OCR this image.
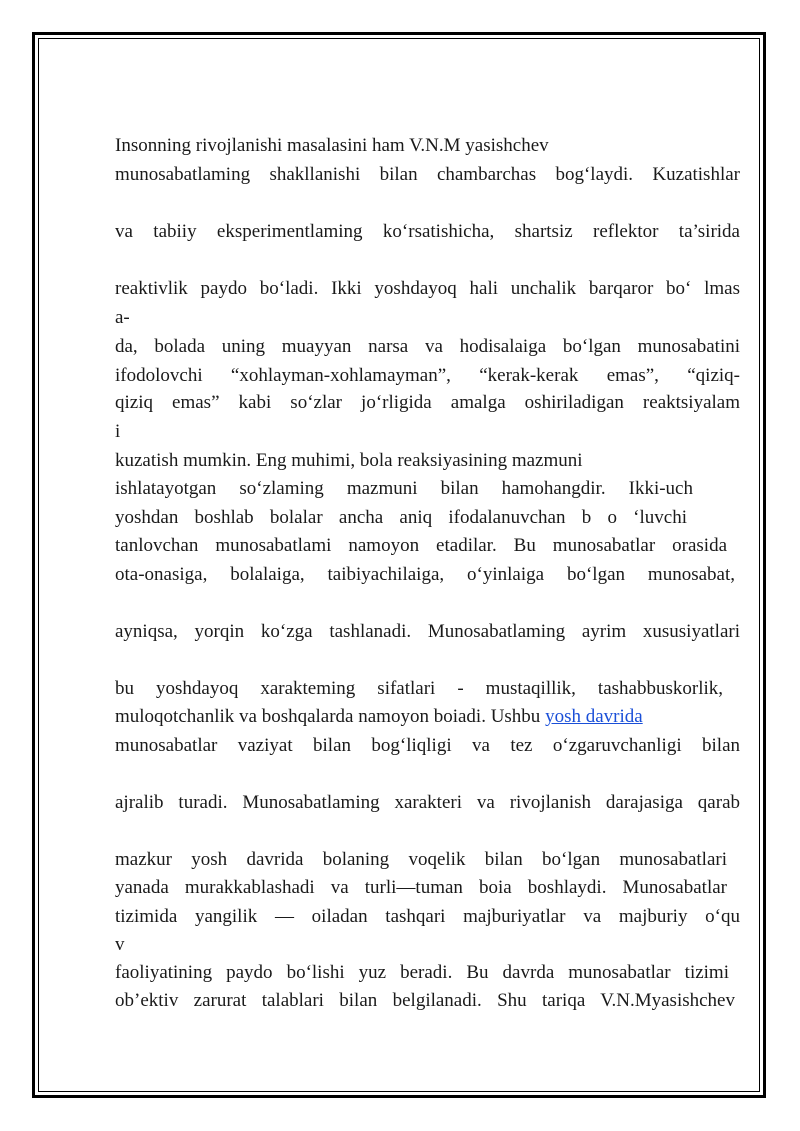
Insonning rivojlanishi masalasini ham V.N.M yasishchev
munosabatlaming shakllanishi bilan chambarchas bog‘laydi. Kuzatishlar
va tabiiy eksperimentlaming ko‘rsatishicha, shartsiz reflektor ta’sirida
reaktivlik paydo bo‘ladi. Ikki yoshdayoq hali unchalik barqaror bo‘ lmas
a-
da, bolada uning muayyan narsa va hodisalaiga bo‘lgan munosabatini
ifodolovchi “xohlayman-xohlamayman”, “kerak-kerak emas”, “qiziq-
qiziq emas” kabi so‘zlar jo‘rligida amalga oshiriladigan reaktsiyalam
i
kuzatish mumkin. Eng muhimi, bola reaksiyasining mazmuni
ishlatayotgan so‘zlaming mazmuni bilan hamohangdir. Ikki-uch
yoshdan boshlab bolalar ancha aniq ifodalanuvchan b o ‘luvchi
tanlovchan munosabatlami namoyon etadilar. Bu munosabatlar orasida
ota-onasiga, bolalaiga, taibiyachilaiga, o‘yinlaiga bo‘lgan munosabat,
ayniqsa, yorqin ko‘zga tashlanadi. Munosabatlaming ayrim xususiyatlari
bu yoshdayoq xarakteming sifatlari - mustaqillik, tashabbuskorlik,
muloqotchanlik va boshqalarda namoyon boiadi. Ushbu yosh davrida
munosabatlar vaziyat bilan bog‘liqligi va tez o‘zgaruvchanligi bilan
ajralib turadi. Munosabatlaming xarakteri va rivojlanish darajasiga qarab
mazkur yosh davrida bolaning voqelik bilan bo‘lgan munosabatlari
yanada murakkablashadi va turli—tuman boia boshlaydi. Munosabatlar
tizimida yangilik — oiladan tashqari majburiyatlar va majburiy o‘qu
v
faoliyatining paydo bo‘lishi yuz beradi. Bu davrda munosabatlar tizimi
ob’ektiv zarurat talablari bilan belgilanadi. Shu tariqa V.N.Myasishchev
